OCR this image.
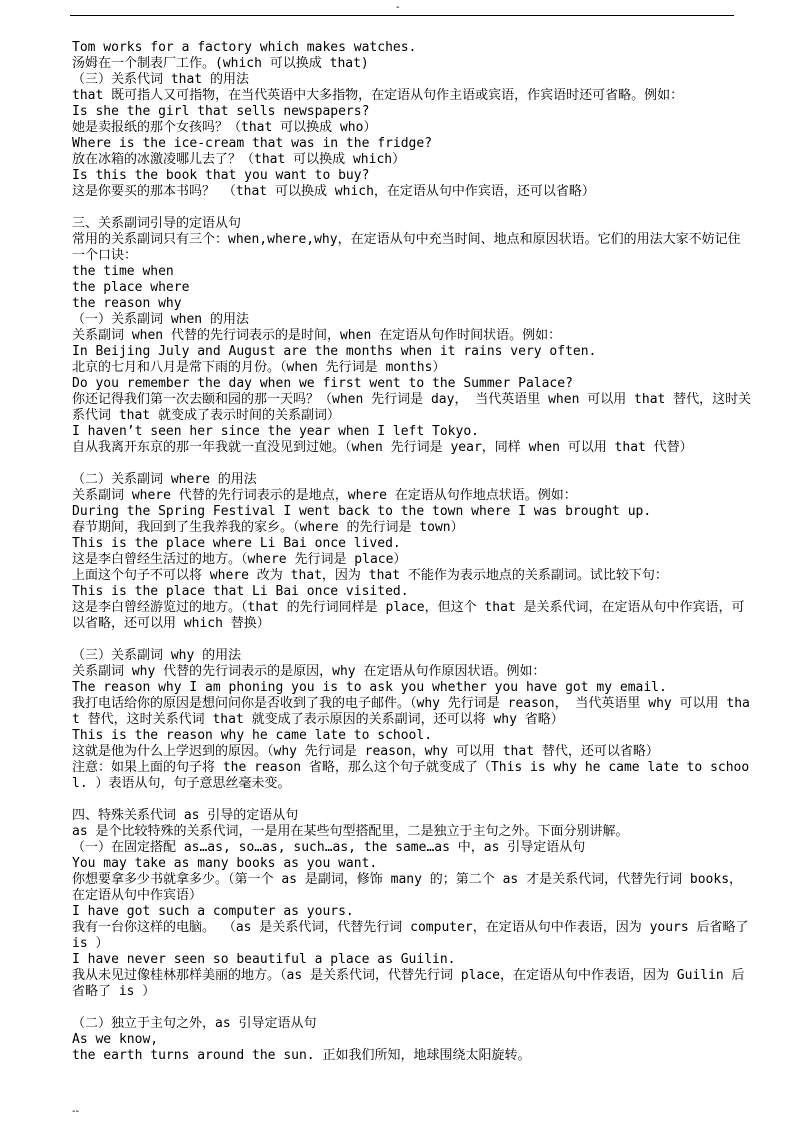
-
Tom works for a factory which makes watches.
汤姆在一个制表厂工作。(which 可以换成 that)
（三）关系代词 that 的用法
that 既可指人又可指物，在当代英语中大多指物，在定语从句作主语或宾语，作宾语时还可省略。例如：
Is she the girl that sells newspapers?
她是卖报纸的那个女孩吗？（that 可以换成 who）
Where is the ice-cream that was in the fridge?
放在冰箱的冰激凌哪儿去了？（that 可以换成 which）
Is this the book that you want to buy?
这是你要买的那本书吗？ （that 可以换成 which，在定语从句中作宾语，还可以省略）
三、关系副词引导的定语从句
常用的关系副词只有三个：when,where,why，在定语从句中充当时间、地点和原因状语。它们的用法大家不妨记住一个口诀：
the time when
the place where
the reason why
（一）关系副词 when 的用法
关系副词 when 代替的先行词表示的是时间，when 在定语从句作时间状语。例如：
In Beijing July and August are the months when it rains very often.
北京的七月和八月是常下雨的月份。（when 先行词是 months）
Do you remember the day when we first went to the Summer Palace?
你还记得我们第一次去颐和园的那一天吗？（when 先行词是 day， 当代英语里 when 可以用 that 替代，这时关系代词 that 就变成了表示时间的关系副词）
I haven’t seen her since the year when I left Tokyo.
自从我离开东京的那一年我就一直没见到过她。（when 先行词是 year，同样 when 可以用 that 代替）
（二）关系副词 where 的用法
关系副词 where 代替的先行词表示的是地点，where 在定语从句作地点状语。例如：
During the Spring Festival I went back to the town where I was brought up.
春节期间，我回到了生我养我的家乡。（where 的先行词是 town）
This is the place where Li Bai once lived.
这是李白曾经生活过的地方。（where 先行词是 place）
上面这个句子不可以将 where 改为 that，因为 that 不能作为表示地点的关系副词。试比较下句：
This is the place that Li Bai once visited.
这是李白曾经游览过的地方。（that 的先行词同样是 place，但这个 that 是关系代词，在定语从句中作宾语，可以省略，还可以用 which 替换）
（三）关系副词 why 的用法
关系副词 why 代替的先行词表示的是原因，why 在定语从句作原因状语。例如：
The reason why I am phoning you is to ask you whether you have got my email.
我打电话给你的原因是想问问你是否收到了我的电子邮件。（why 先行词是 reason， 当代英语里 why 可以用 that 替代，这时关系代词 that 就变成了表示原因的关系副词，还可以将 why 省略）
This is the reason why he came late to school.
这就是他为什么上学迟到的原因。（why 先行词是 reason，why 可以用 that 替代，还可以省略）
注意：如果上面的句子将 the reason 省略，那么这个句子就变成了（This is why he came late to school. ）表语从句，句子意思丝毫未变。
四、特殊关系代词 as 引导的定语从句
as 是个比较特殊的关系代词，一是用在某些句型搭配里，二是独立于主句之外。下面分别讲解。
（一）在固定搭配 as…as, so…as, such…as, the same…as 中，as 引导定语从句
You may take as many books as you want.
你想要拿多少书就拿多少。（第一个 as 是副词，修饰 many 的；第二个 as 才是关系代词，代替先行词 books，在定语从句中作宾语）
I have got such a computer as yours.
我有一台你这样的电脑。 （as 是关系代词，代替先行词 computer，在定语从句中作表语，因为 yours 后省略了 is ）
I have never seen so beautiful a place as Guilin.
我从未见过像桂林那样美丽的地方。（as 是关系代词，代替先行词 place，在定语从句中作表语，因为 Guilin 后省略了 is ）
（二）独立于主句之外，as 引导定语从句
As we know,
the earth turns around the sun. 正如我们所知，地球围绕太阳旋转。
--
